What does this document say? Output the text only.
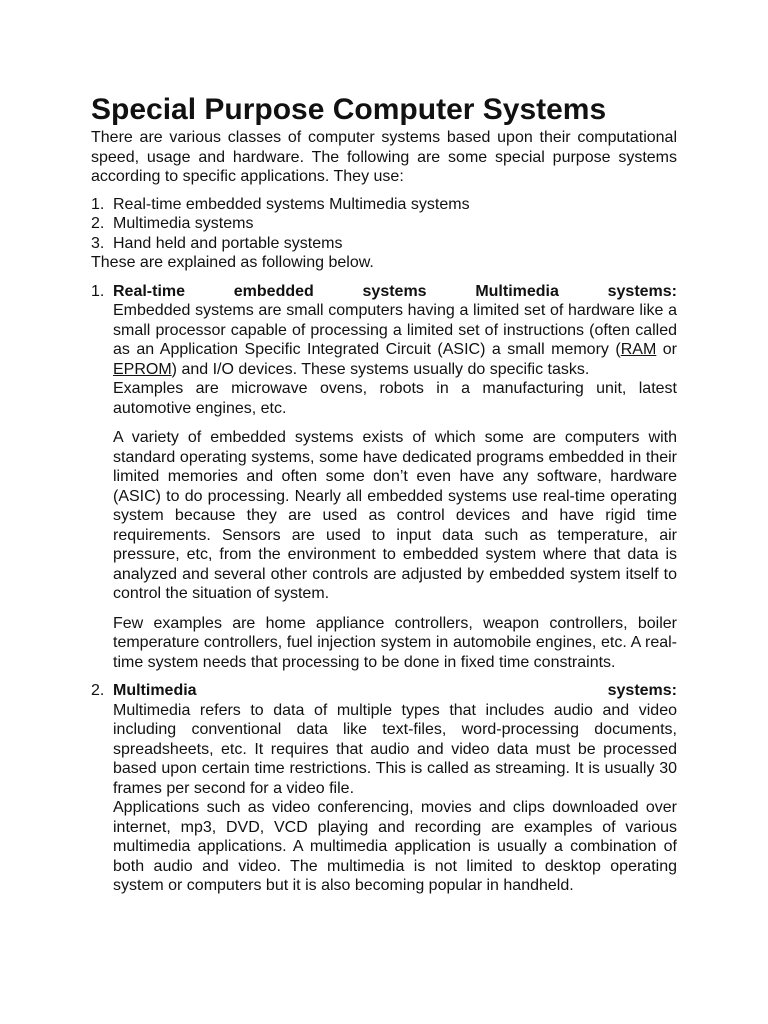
Special Purpose Computer Systems

There are various classes of computer systems based upon their computational speed, usage and hardware. The following are some special purpose systems according to specific applications. They use:

1. Real-time embedded systems Multimedia systems
2. Multimedia systems
3. Hand held and portable systems

These are explained as following below.

1. Real-time embedded systems Multimedia systems:

Embedded systems are small computers having a limited set of hardware like a small processor capable of processing a limited set of instructions (often called as an Application Specific Integrated Circuit (ASIC) a small memory (RAM or EPROM) and I/O devices. These systems usually do specific tasks.

Examples are microwave ovens, robots in a manufacturing unit, latest automotive engines, etc.

A variety of embedded systems exists of which some are computers with standard operating systems, some have dedicated programs embedded in their limited memories and often some don’t even have any software, hardware (ASIC) to do processing. Nearly all embedded systems use real-time operating system because they are used as control devices and have rigid time requirements. Sensors are used to input data such as temperature, air pressure, etc, from the environment to embedded system where that data is analyzed and several other controls are adjusted by embedded system itself to control the situation of system.

Few examples are home appliance controllers, weapon controllers, boiler temperature controllers, fuel injection system in automobile engines, etc. A real-time system needs that processing to be done in fixed time constraints.

2. Multimedia systems:

Multimedia refers to data of multiple types that includes audio and video including conventional data like text-files, word-processing documents, spreadsheets, etc. It requires that audio and video data must be processed based upon certain time restrictions. This is called as streaming. It is usually 30 frames per second for a video file.

Applications such as video conferencing, movies and clips downloaded over internet, mp3, DVD, VCD playing and recording are examples of various multimedia applications. A multimedia application is usually a combination of both audio and video. The multimedia is not limited to desktop operating system or computers but it is also becoming popular in handheld.
